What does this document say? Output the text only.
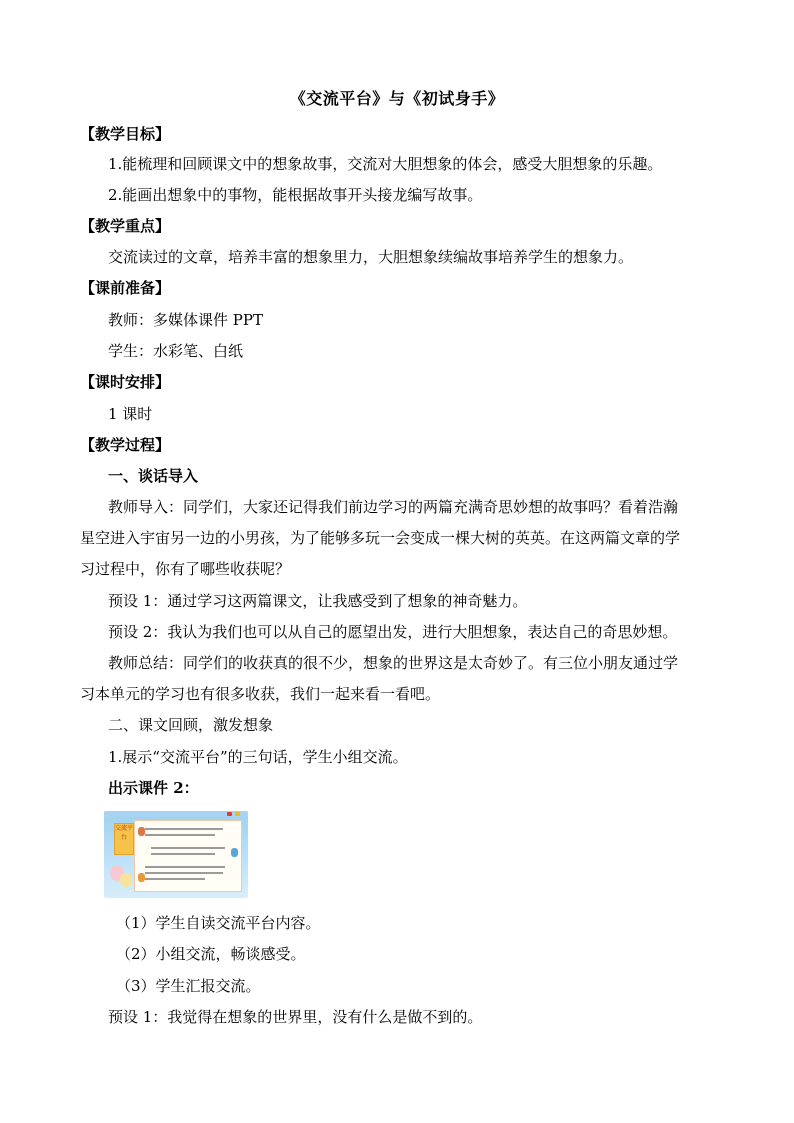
《交流平台》与《初试身手》
【教学目标】
1.能梳理和回顾课文中的想象故事，交流对大胆想象的体会，感受大胆想象的乐趣。
2.能画出想象中的事物，能根据故事开头接龙编写故事。
【教学重点】
交流读过的文章，培养丰富的想象里力，大胆想象续编故事培养学生的想象力。
【课前准备】
教师：多媒体课件 PPT
学生：水彩笔、白纸
【课时安排】
1 课时
【教学过程】
一、谈话导入
教师导入：同学们，大家还记得我们前边学习的两篇充满奇思妙想的故事吗？看着浩瀚
星空进入宇宙另一边的小男孩，为了能够多玩一会变成一棵大树的英英。在这两篇文章的学
习过程中，你有了哪些收获呢？
预设 1：通过学习这两篇课文，让我感受到了想象的神奇魅力。
预设 2：我认为我们也可以从自己的愿望出发，进行大胆想象，表达自己的奇思妙想。
教师总结：同学们的收获真的很不少，想象的世界这是太奇妙了。有三位小朋友通过学
习本单元的学习也有很多收获，我们一起来看一看吧。
二、课文回顾，激发想象
1.展示“交流平台”的三句话，学生小组交流。
出示课件 2：
交流平台
（1）学生自读交流平台内容。
（2）小组交流，畅谈感受。
（3）学生汇报交流。
预设 1：我觉得在想象的世界里，没有什么是做不到的。
